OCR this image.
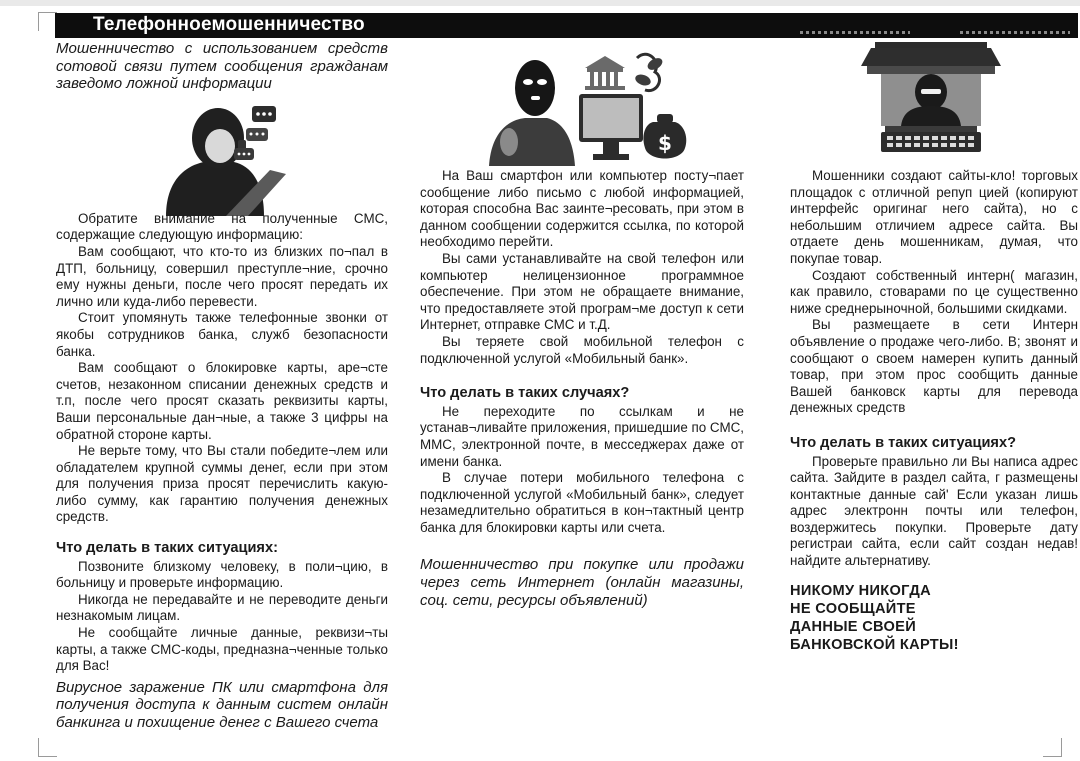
Телефонноемошенничество
$

Мошенничество с использованием средств сотовой связи путем сообщения гражданам заведомо ложной информации

Обратите внимание на полученные СМС, содержащие следующую информацию:

Вам сообщают, что кто-то из близких по¬пал в ДТП, больницу, совершил преступле¬ние, срочно ему нужны деньги, после чего просят передать их лично или куда-либо перевести.

Стоит упомянуть также телефонные звонки от якобы сотрудников банка, служб безопасности банка.

Вам сообщают о блокировке карты, аре¬сте счетов, незаконном списании денежных средств и т.п, после чего просят сказать реквизиты карты, Ваши персональные дан¬ные, а также 3 цифры на обратной стороне карты.

Не верьте тому, что Вы стали победите¬лем или обладателем крупной суммы денег, если при этом для получения приза просят перечислить какую-либо сумму, как гарантию получения денежных средств.

Что делать в таких ситуациях:

Позвоните близкому человеку, в поли¬цию, в больницу и проверьте информацию.

Никогда не передавайте и не переводите деньги незнакомым лицам.

Не сообщайте личные данные, реквизи¬ты карты, а также СМС-коды, предназна¬ченные только для Вас!

Вирусное заражение ПК или смартфона для получения доступа к данным систем онлайн банкинга и похищение денег с Вашего счета

На Ваш смартфон или компьютер посту¬пает сообщение либо письмо с любой информацией, которая способна Вас заинте¬ресовать, при этом в данном сообщении содержится ссылка, по которой необходимо перейти.

Вы сами устанавливайте на свой телефон или компьютер нелицензионное программное обеспечение. При этом не обращаете внимание, что предоставляете этой програм¬ме доступ к сети Интернет, отправке СМС и т.Д.

Вы теряете свой мобильной телефон с подключенной услугой «Мобильный банк».

Что делать в таких случаях?

Не переходите по ссылкам и не устанав¬ливайте приложения, пришедшие по СМС, ММС, электронной почте, в месседжерах даже от имени банка.

В случае потери мобильного телефона с подключенной услугой «Мобильный банк», следует незамедлительно обратиться в кон¬тактный центр банка для блокировки карты или счета.

Мошенничество при покупке или продажи через сеть Интернет (онлайн магазины, соц. сети, ресурсы объявлений)

Мошенники создают сайты-кло! торговых площадок с отличной репуп цией (копируют интерфейс оригинаг него сайта), но с небольшим отличием адресе сайта. Вы отдаете день мошенникам, думая, что покупае товар.

Создают собственный интерн( магазин, как правило, стоварами по це существенно ниже среднерыночной, большими скидками.

Вы размещаете в сети Интерн объявление о продаже чего-либо. В; звонят и сообщают о своем намерен купить данный товар, при этом прос сообщить данные Вашей банковск карты для перевода денежных средств

Что делать в таких ситуациях?

Проверьте правильно ли Вы написа адрес сайта. Зайдите в раздел сайта, г размещены контактные данные сай' Если указан лишь адрес электронн почты или телефон, воздержитесь покупки. Проверьте дату регистраи сайта, если сайт создан недав! найдите альтернативу.

НИКОМУ НИКОГДА

НЕ СООБЩАЙТЕ

ДАННЫЕ СВОЕЙ

БАНКОВСКОЙ КАРТЫ!
